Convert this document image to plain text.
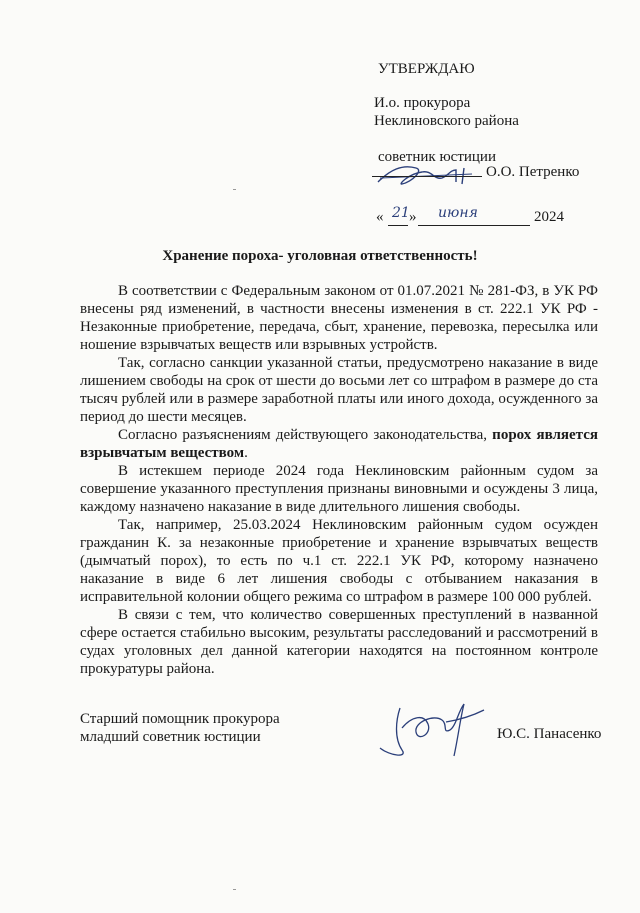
УТВЕРЖДАЮ
И.о. прокурора
Неклиновского района
советник юстиции
О.О. Петренко
« »	2024
21 июня
Хранение пороха- уголовная ответственность!

В соответствии с Федеральным законом от 01.07.2021 № 281-ФЗ, в УК РФ внесены ряд изменений, в частности внесены изменения в ст. 222.1 УК РФ - Незаконные приобретение, передача, сбыт, хранение, перевозка, пересылка или ношение взрывчатых веществ или взрывных устройств.

Так, согласно санкции указанной статьи, предусмотрено наказание в виде лишением свободы на срок от шести до восьми лет со штрафом в размере до ста тысяч рублей или в размере заработной платы или иного дохода, осужденного за период до шести месяцев.

Согласно разъяснениям действующего законодательства, порох является взрывчатым веществом.

В истекшем периоде 2024 года Неклиновским районным судом за совершение указанного преступления признаны виновными и осуждены 3 лица, каждому назначено наказание в виде длительного лишения свободы.

Так, например, 25.03.2024 Неклиновским районным судом осужден гражданин К. за незаконные приобретение и хранение взрывчатых веществ (дымчатый порох), то есть по ч.1 ст. 222.1 УК РФ, которому назначено наказание в виде 6 лет лишения свободы с отбыванием наказания в исправительной колонии общего режима со штрафом в размере 100 000 рублей.

В связи с тем, что количество совершенных преступлений в названной сфере остается стабильно высоким, результаты расследований и рассмотрений в судах уголовных дел данной категории находятся на постоянном контроле прокуратуры района.

Старший помощник прокурора
младший советник юстиции	Ю.С. Панасенко
